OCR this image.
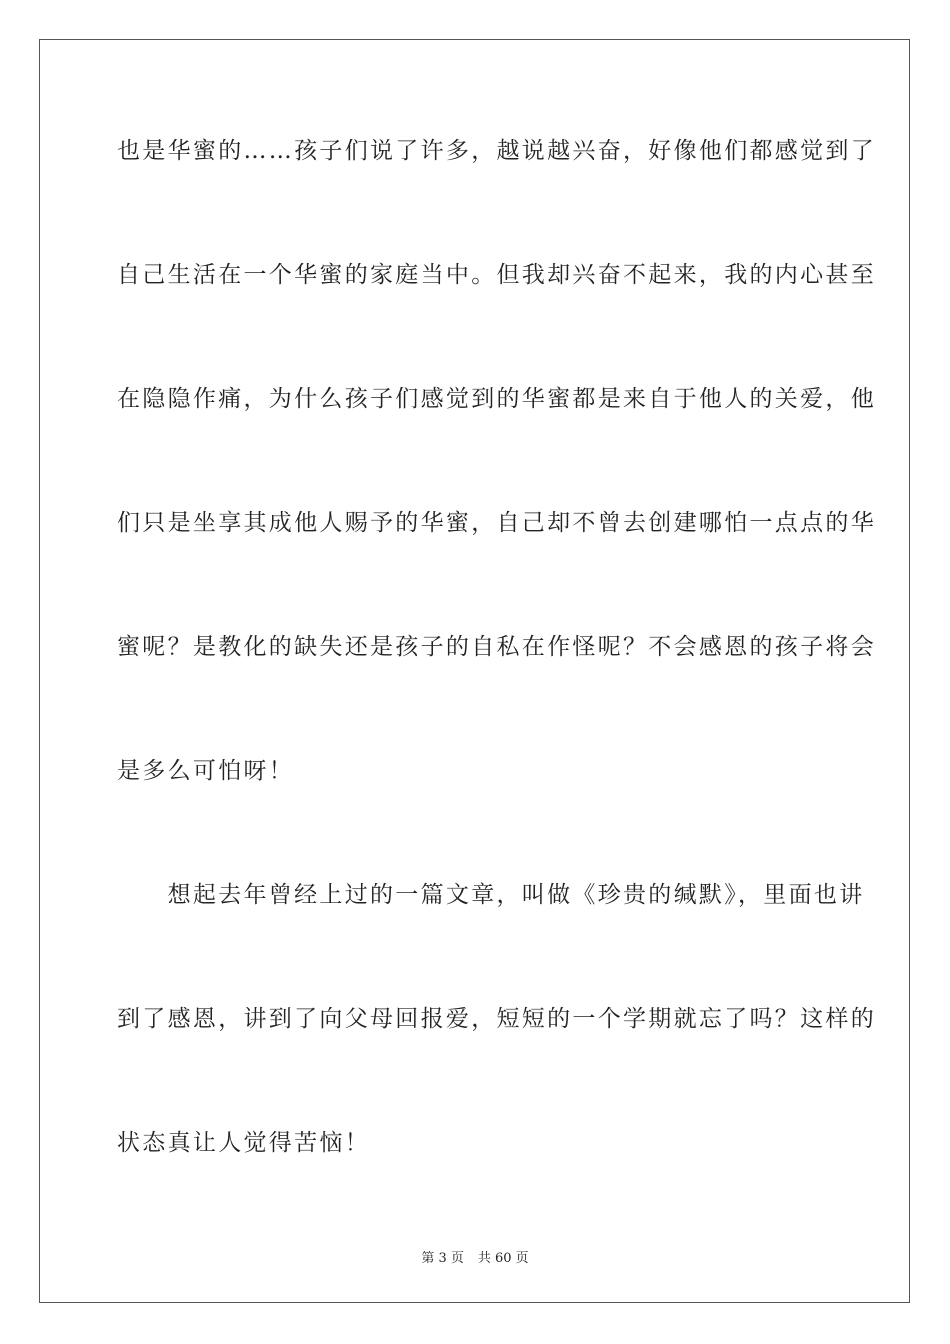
也是华蜜的……孩子们说了许多，越说越兴奋，好像他们都感觉到了
自己生活在一个华蜜的家庭当中。但我却兴奋不起来，我的内心甚至
在隐隐作痛，为什么孩子们感觉到的华蜜都是来自于他人的关爱，他
们只是坐享其成他人赐予的华蜜，自己却不曾去创建哪怕一点点的华
蜜呢？是教化的缺失还是孩子的自私在作怪呢？不会感恩的孩子将会
是多么可怕呀！
　　想起去年曾经上过的一篇文章，叫做《珍贵的缄默》，里面也讲
到了感恩，讲到了向父母回报爱，短短的一个学期就忘了吗？这样的
状态真让人觉得苦恼！
第 3 页 共 60 页
